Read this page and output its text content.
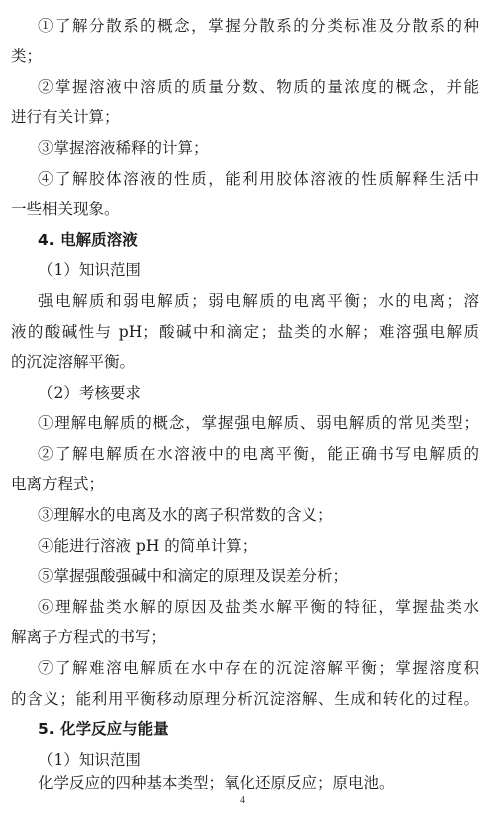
①了解分散系的概念，掌握分散系的分类标准及分散系的种
类；
②掌握溶液中溶质的质量分数、物质的量浓度的概念，并能
进行有关计算；
③掌握溶液稀释的计算；
④了解胶体溶液的性质，能利用胶体溶液的性质解释生活中
一些相关现象。
4. 电解质溶液
（1）知识范围
强电解质和弱电解质；弱电解质的电离平衡；水的电离；溶
液的酸碱性与 pH；酸碱中和滴定；盐类的水解；难溶强电解质
的沉淀溶解平衡。
（2）考核要求
①理解电解质的概念，掌握强电解质、弱电解质的常见类型；
②了解电解质在水溶液中的电离平衡，能正确书写电解质的
电离方程式；
③理解水的电离及水的离子积常数的含义；
④能进行溶液 pH 的简单计算；
⑤掌握强酸强碱中和滴定的原理及误差分析；
⑥理解盐类水解的原因及盐类水解平衡的特征，掌握盐类水
解离子方程式的书写；
⑦了解难溶电解质在水中存在的沉淀溶解平衡；掌握溶度积
的含义；能利用平衡移动原理分析沉淀溶解、生成和转化的过程。
5. 化学反应与能量
（1）知识范围
化学反应的四种基本类型；氧化还原反应；原电池。
4
